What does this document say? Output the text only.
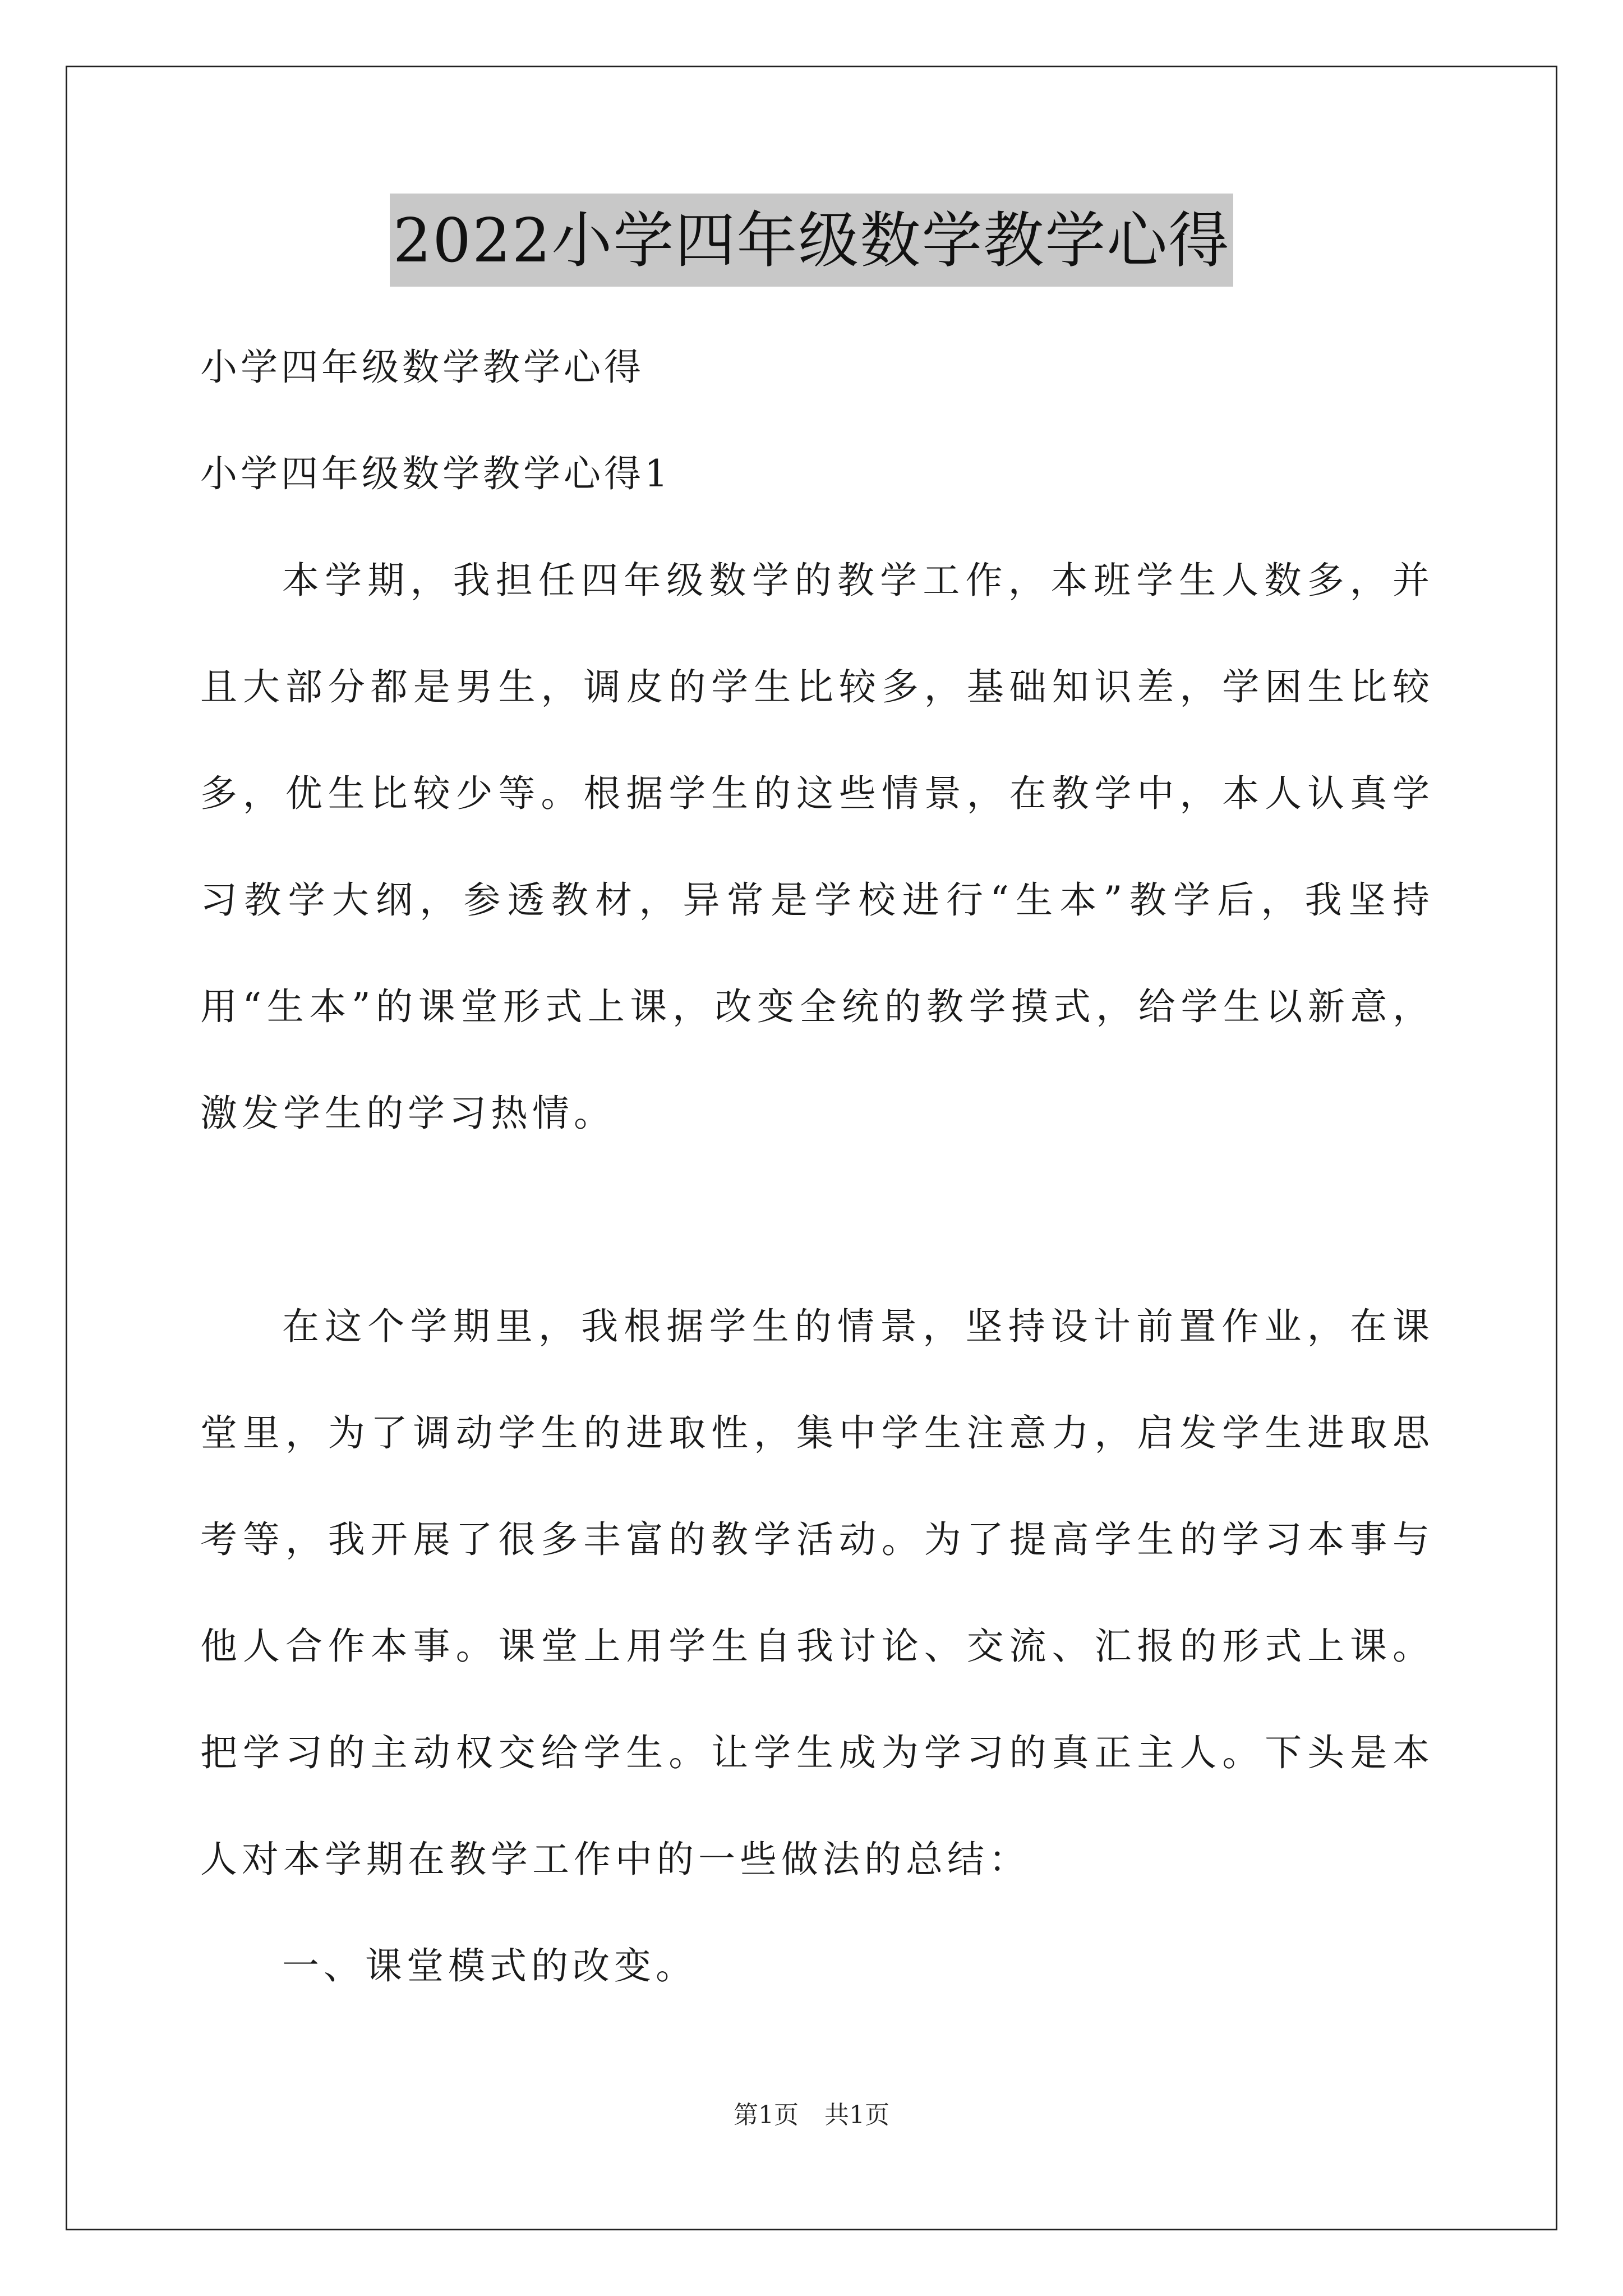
2022小学四年级数学教学心得
小学四年级数学教学心得
小学四年级数学教学心得1
本学期，我担任四年级数学的教学工作，本班学生人数多，并且大部分都是男生，调皮的学生比较多，基础知识差，学困生比较多，优生比较少等。根据学生的这些情景，在教学中，本人认真学习教学大纲，参透教材，异常是学校进行“生本”教学后，我坚持用“生本”的课堂形式上课，改变全统的教学摸式，给学生以新意，激发学生的学习热情。
在这个学期里，我根据学生的情景，坚持设计前置作业，在课堂里，为了调动学生的进取性，集中学生注意力，启发学生进取思考等，我开展了很多丰富的教学活动。为了提高学生的学习本事与他人合作本事。课堂上用学生自我讨论、交流、汇报的形式上课。把学习的主动权交给学生。让学生成为学习的真正主人。下头是本人对本学期在教学工作中的一些做法的总结：
一、课堂模式的改变。
第1页 共1页
